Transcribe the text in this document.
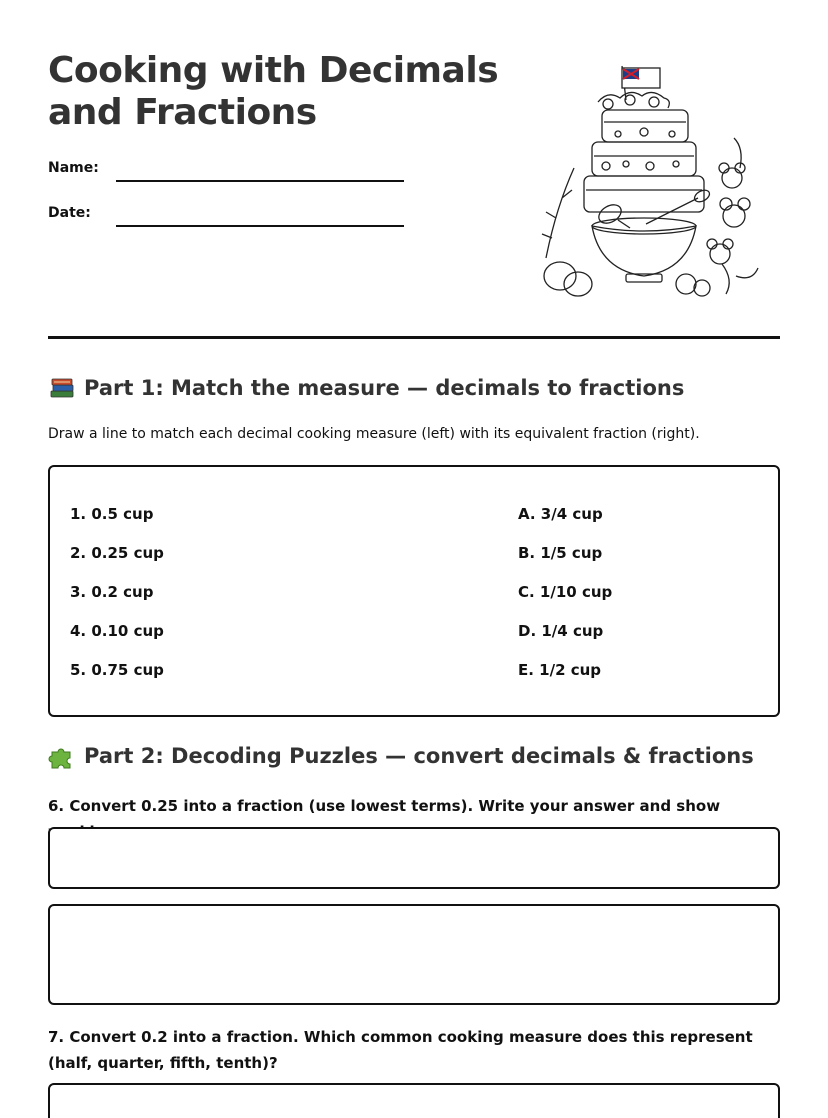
Cooking with Decimals
and Fractions
Name:
Date:
Part 1: Match the measure — decimals to fractions
Draw a line to match each decimal cooking measure (left) with its equivalent fraction (right).
1. 0.5 cup
2. 0.25 cup
3. 0.2 cup
4. 0.10 cup
5. 0.75 cup
A. 3/4 cup
B. 1/5 cup
C. 1/10 cup
D. 1/4 cup
E. 1/2 cup
Part 2: Decoding Puzzles — convert decimals & fractions
6. Convert 0.25 into a fraction (use lowest terms). Write your answer and show
7. Convert 0.2 into a fraction. Which common cooking measure does this represent (half, quarter, fifth, tenth)?
